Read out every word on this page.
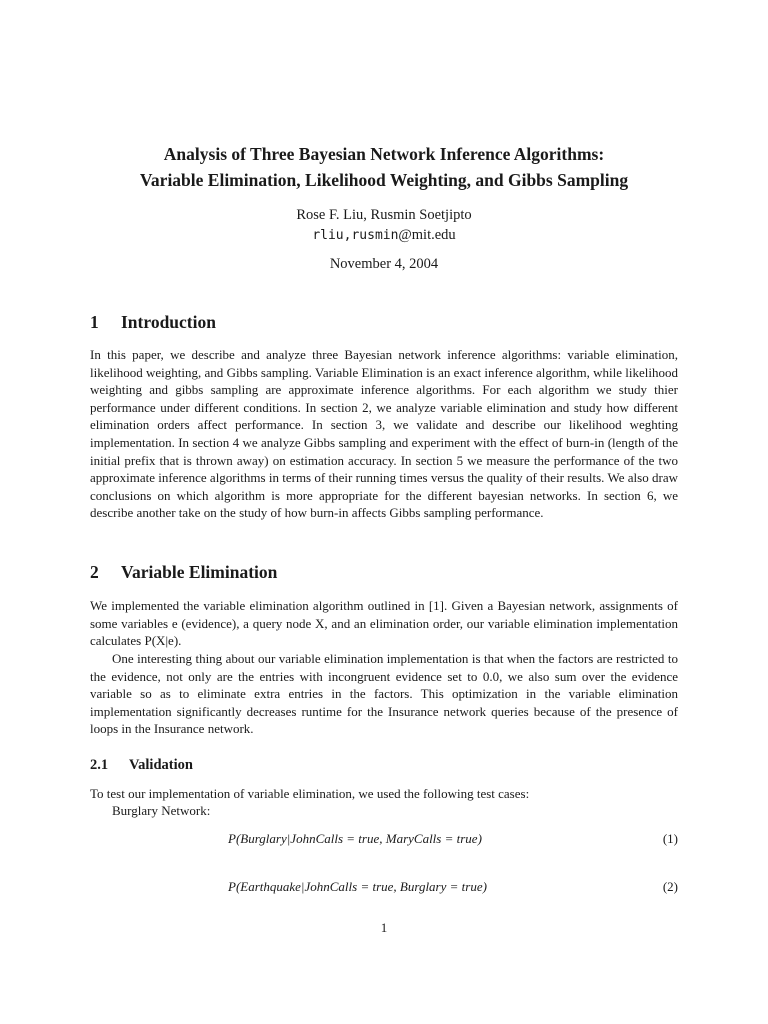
Analysis of Three Bayesian Network Inference Algorithms:
Variable Elimination, Likelihood Weighting, and Gibbs Sampling
Rose F. Liu, Rusmin Soetjipto
rliu,rusmin@mit.edu
November 4, 2004
1 Introduction

In this paper, we describe and analyze three Bayesian network inference algorithms: variable elimination, likelihood weighting, and Gibbs sampling. Variable Elimination is an exact inference algorithm, while likelihood weighting and gibbs sampling are approximate inference algorithms. For each algorithm we study thier performance under different conditions. In section 2, we analyze variable elimination and study how different elimination orders affect performance. In section 3, we validate and describe our likelihood weghting implementation. In section 4 we analyze Gibbs sampling and experiment with the effect of burn-in (length of the initial prefix that is thrown away) on estimation accuracy. In section 5 we measure the performance of the two approximate inference algorithms in terms of their running times versus the quality of their results. We also draw conclusions on which algorithm is more appropriate for the different bayesian networks. In section 6, we describe another take on the study of how burn-in affects Gibbs sampling performance.

2 Variable Elimination

We implemented the variable elimination algorithm outlined in [1]. Given a Bayesian network, assignments of some variables e (evidence), a query node X, and an elimination order, our variable elimination implementation calculates P(X|e).

One interesting thing about our variable elimination implementation is that when the factors are restricted to the evidence, not only are the entries with incongruent evidence set to 0.0, we also sum over the evidence variable so as to eliminate extra entries in the factors. This optimization in the variable elimination implementation significantly decreases runtime for the Insurance network queries because of the presence of loops in the Insurance network.

2.1 Validation

To test our implementation of variable elimination, we used the following test cases:

Burglary Network:

P(Burglary|JohnCalls = true, MaryCalls = true)	(1)
P(Earthquake|JohnCalls = true, Burglary = true)	(2)
1
